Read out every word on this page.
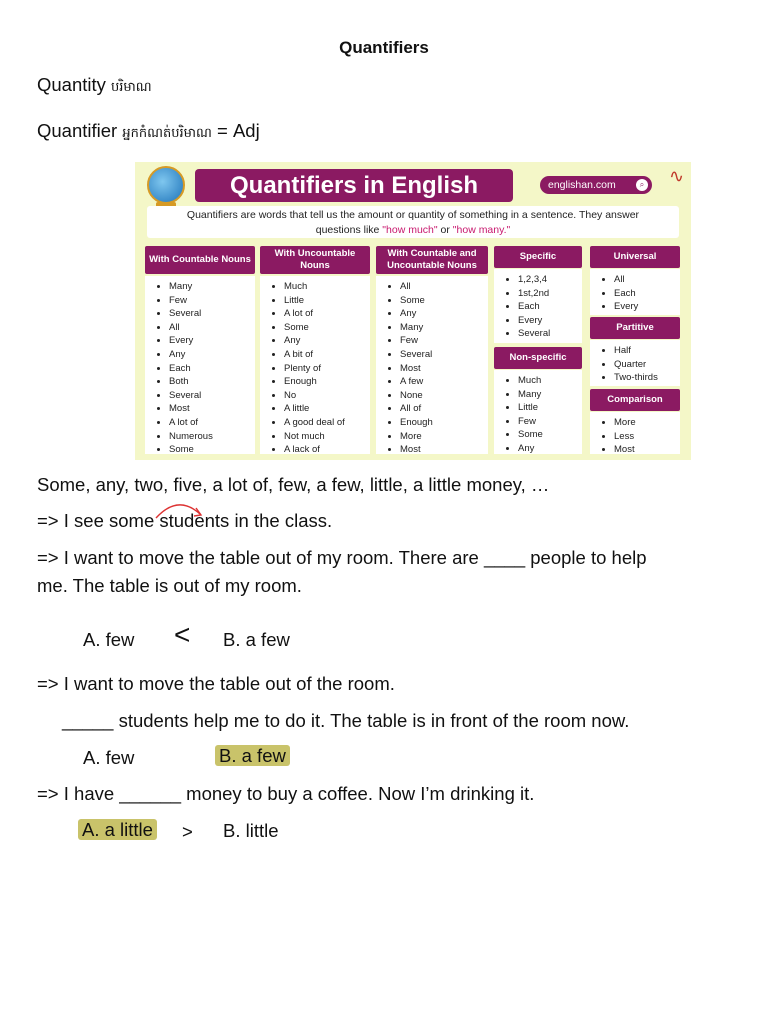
Quantifiers
Quantity បរិមាណ
Quantifier អ្នកកំណត់បរិមាណ = Adj
Quantifiers in English	englishan.com	⌕ ∿
Quantifiers are words that tell us the amount or quantity of something in a sentence. They answer
questions like "how much" or "how many."
With Countable Nouns
• Many
• Few
• Several
• All
• Every
• Any
• Each
• Both
• Several
• Most
• A lot of
• Numerous
• Some
With Uncountable Nouns
• Much
• Little
• A lot of
• Some
• Any
• A bit of
• Plenty of
• Enough
• No
• A little
• A good deal of
• Not much
• A lack of
With Countable and Uncountable Nouns
• All
• Some
• Any
• Many
• Few
• Several
• Most
• A few
• None
• All of
• Enough
• More
• Most
Specific
• 1,2,3,4
• 1st,2nd
• Each
• Every
• Several
Non-specific
• Much
• Many
• Little
• Few
• Some
• Any
Universal
• All
• Each
• Every
Partitive
• Half
• Quarter
• Two-thirds
Comparison
• More
• Less
• Most
Some, any, two, five, a lot of, few, a few, little, a little money, …
=> I see some students in the class.
=> I want to move the table out of my room. There are ____ people to help
me. The table is out of my room.
A. few < B. a few
=> I want to move the table out of the room.
_____ students help me to do it. The table is in front of the room now.
A. few	B. a few
=> I have ______ money to buy a coffee. Now I’m drinking it.
A. a little > B. little
